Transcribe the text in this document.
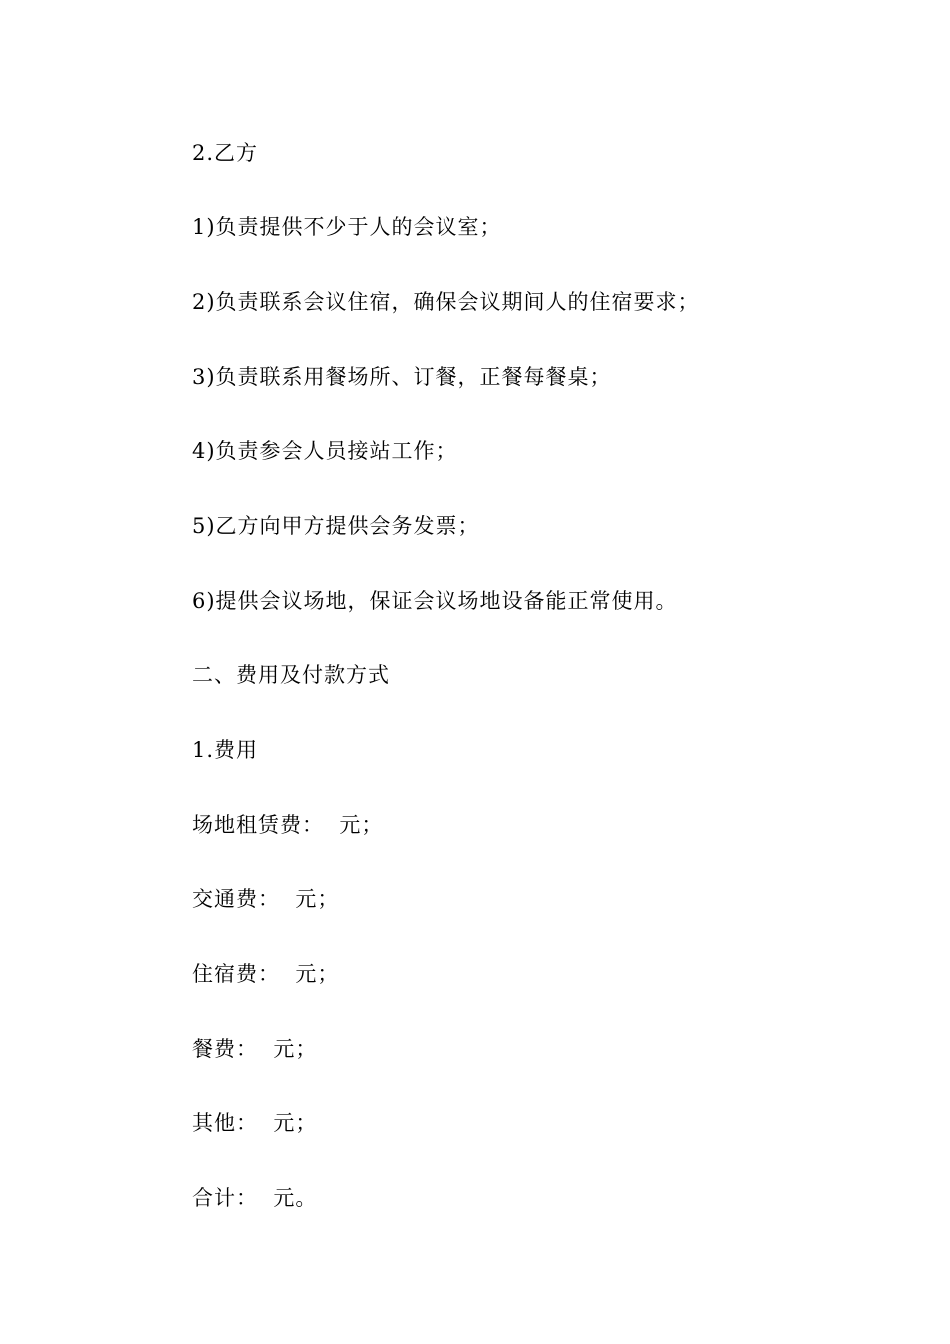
2.乙方

1)负责提供不少于人的会议室；

2)负责联系会议住宿，确保会议期间人的住宿要求；

3)负责联系用餐场所、订餐，正餐每餐桌；

4)负责参会人员接站工作；

5)乙方向甲方提供会务发票；

6)提供会议场地，保证会议场地设备能正常使用。

二、费用及付款方式

1.费用

场地租赁费：  元；

交通费：  元；

住宿费：  元；

餐费：  元；

其他：  元；

合计：  元。
